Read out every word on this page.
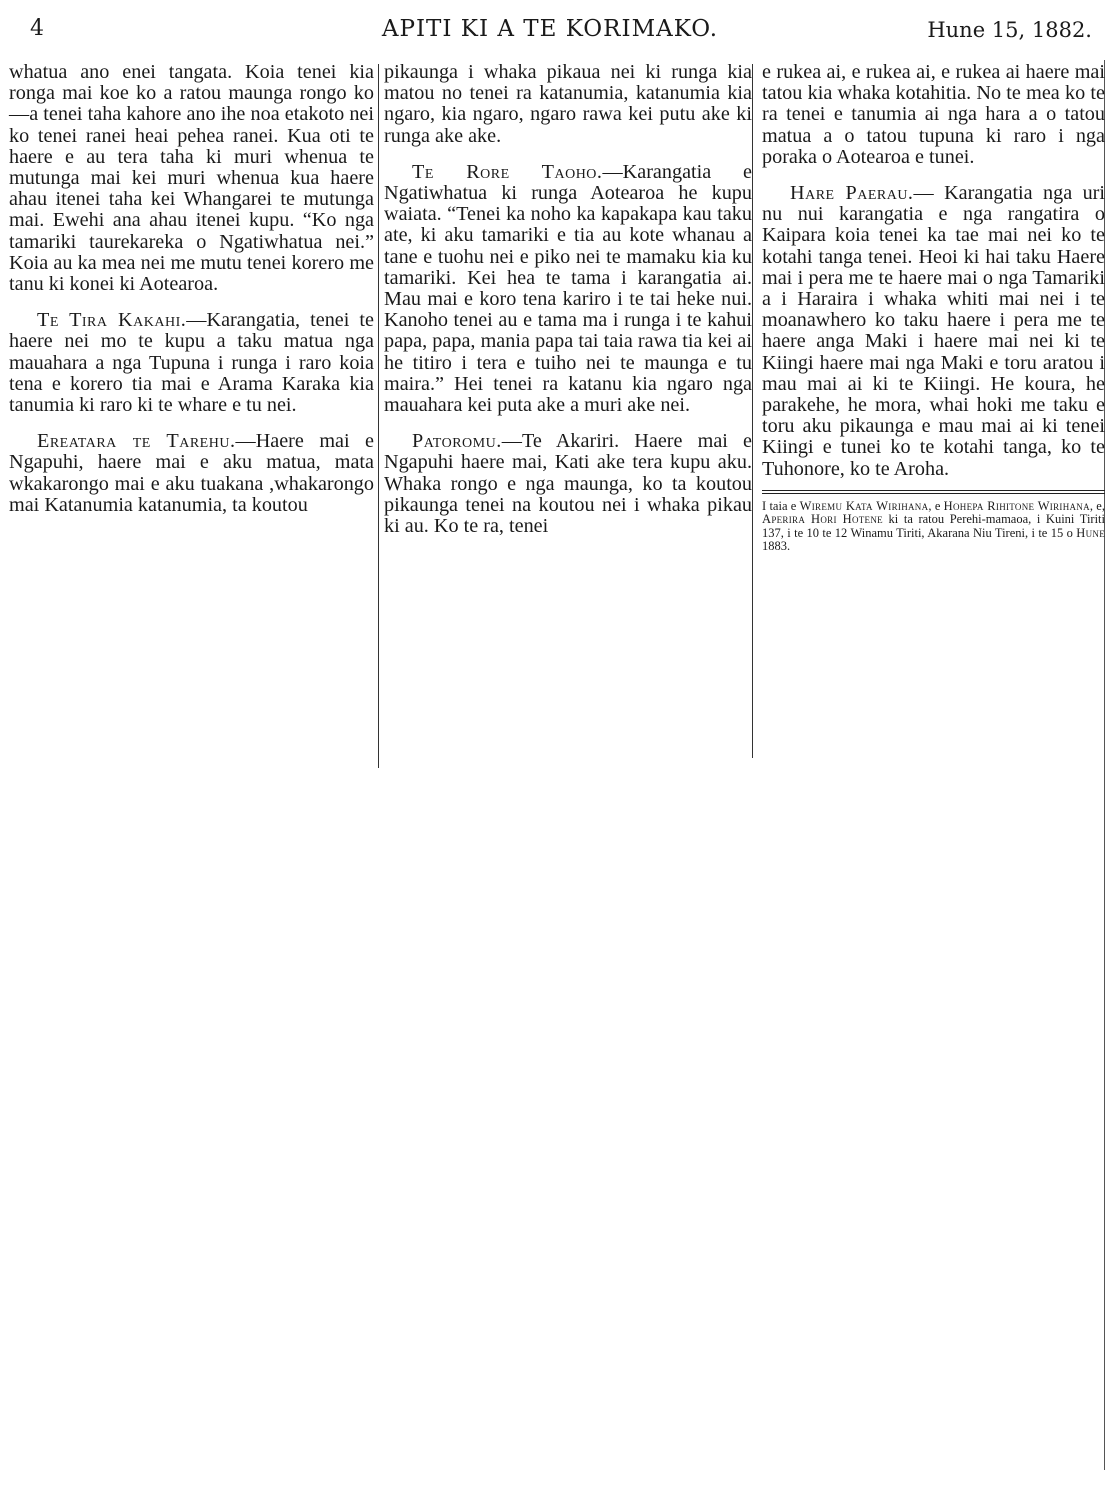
4	APITI KI A TE KORIMAKO.	Hune 15, 1882.

whatua ano enei tangata. Koia tenei kia ronga mai koe ko a ratou maunga rongo ko—a tenei taha kahore ano ihe noa etakoto nei ko tenei ranei heai pehea ranei. Kua oti te haere e au tera taha ki muri whenua te mutunga mai kei muri whenua kua haere ahau itenei taha kei Whangarei te mutunga mai. Ewehi ana ahau itenei kupu. “Ko nga tamariki taurekareka o Ngatiwhatua nei.” Koia au ka mea nei me mutu tenei korero me tanu ki konei ki Aotearoa.

Te Tira Kakahi.—Karangatia, tenei te haere nei mo te kupu a taku matua nga mauahara a nga Tupuna i runga i raro koia tena e korero tia mai e Arama Karaka kia tanumia ki raro ki te whare e tu nei.

Ereatara te Tarehu.—Haere mai e Ngapuhi, haere mai e aku matua, mata wkakarongo mai e aku tuakana ,whakarongo mai Katanumia katanumia, ta koutou

pikaunga i whaka pikaua nei ki runga kia matou no tenei ra katanumia, katanumia kia ngaro, kia ngaro, ngaro rawa kei putu ake ki runga ake ake.

Te Rore Taoho.—Karangatia e Ngatiwhatua ki runga Aotearoa he kupu waiata. “Tenei ka noho ka kapakapa kau taku ate, ki aku tamariki e tia au kote whanau a tane e tuohu nei e piko nei te mamaku kia ku tamariki. Kei hea te tama i karangatia ai. Mau mai e koro tena kariro i te tai heke nui. Kanoho tenei au e tama ma i runga i te kahui papa, papa, mania papa tai taia rawa tia kei ai he titiro i tera e tuiho nei te maunga e tu maira.” Hei tenei ra katanu kia ngaro nga mauahara kei puta ake a muri ake nei.

Patoromu.—Te Akariri. Haere mai e Ngapuhi haere mai, Kati ake tera kupu aku. Whaka rongo e nga maunga, ko ta koutou pikaunga tenei na koutou nei i whaka pikau ki au. Ko te ra, tenei

e rukea ai, e rukea ai, e rukea ai haere mai tatou kia whaka kotahitia. No te mea ko te ra tenei e tanumia ai nga hara a o tatou matua a o tatou tupuna ki raro i nga poraka o Aotearoa e tunei.

Hare Paerau.— Karangatia nga uri nu nui karangatia e nga rangatira o Kaipara koia tenei ka tae mai nei ko te kotahi tanga tenei. Heoi ki hai taku Haere mai i pera me te haere mai o nga Tamariki a i Haraira i whaka whiti mai nei i te moanawhero ko taku haere i pera me te haere anga Maki i haere mai nei ki te Kiingi haere mai nga Maki e toru aratou i mau mai ai ki te Kiingi. He koura, he parakehe, he mora, whai hoki me taku e toru aku pikaunga e mau mai ai ki tenei Kiingi e tunei ko te kotahi tanga, ko te Tuhonore, ko te Aroha.

I taia e Wiremu Kata Wirihana, e Hohepa Rihitone Wirihana, e, Aperira Hori Hotene ki ta ratou Perehi-mamaoa, i Kuini Tiriti 137, i te 10 te 12 Winamu Tiriti, Akarana Niu Tireni, i te 15 o Hune 1883.
